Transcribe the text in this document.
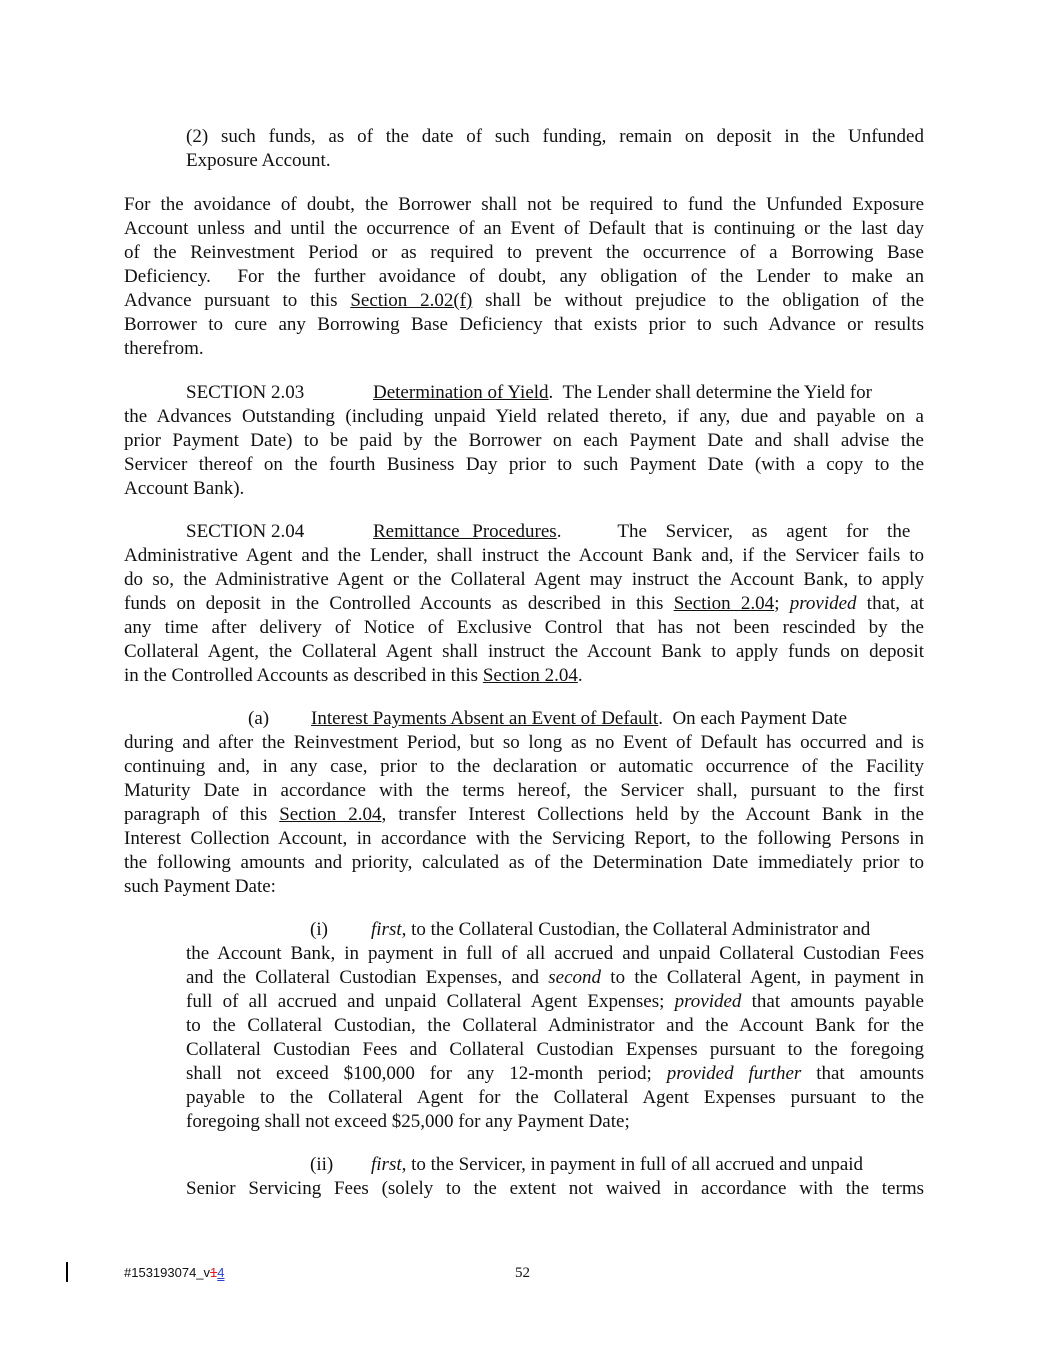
(2) such funds, as of the date of such funding, remain on deposit in the Unfunded
Exposure Account.
For the avoidance of doubt, the Borrower shall not be required to fund the Unfunded Exposure
Account unless and until the occurrence of an Event of Default that is continuing or the last day
of the Reinvestment Period or as required to prevent the occurrence of a Borrowing Base
Deficiency.  For the further avoidance of doubt, any obligation of the Lender to make an
Advance pursuant to this Section 2.02(f) shall be without prejudice to the obligation of the
Borrower to cure any Borrowing Base Deficiency that exists prior to such Advance or results
therefrom.
SECTION 2.03	Determination of Yield.  The Lender shall determine the Yield for
the Advances Outstanding (including unpaid Yield related thereto, if any, due and payable on a
prior Payment Date) to be paid by the Borrower on each Payment Date and shall advise the
Servicer thereof on the fourth Business Day prior to such Payment Date (with a copy to the
Account Bank).
SECTION 2.04	Remittance Procedures.   The Servicer, as agent for the
Administrative Agent and the Lender, shall instruct the Account Bank and, if the Servicer fails to
do so, the Administrative Agent or the Collateral Agent may instruct the Account Bank, to apply
funds on deposit in the Controlled Accounts as described in this Section 2.04; provided that, at
any time after delivery of Notice of Exclusive Control that has not been rescinded by the
Collateral Agent, the Collateral Agent shall instruct the Account Bank to apply funds on deposit
in the Controlled Accounts as described in this Section 2.04.
(a) Interest Payments Absent an Event of Default.  On each Payment Date
during and after the Reinvestment Period, but so long as no Event of Default has occurred and is
continuing and, in any case, prior to the declaration or automatic occurrence of the Facility
Maturity Date in accordance with the terms hereof, the Servicer shall, pursuant to the first
paragraph of this Section 2.04, transfer Interest Collections held by the Account Bank in the
Interest Collection Account, in accordance with the Servicing Report, to the following Persons in
the following amounts and priority, calculated as of the Determination Date immediately prior to
such Payment Date:
(i) first, to the Collateral Custodian, the Collateral Administrator and
the Account Bank, in payment in full of all accrued and unpaid Collateral Custodian Fees
and the Collateral Custodian Expenses, and second to the Collateral Agent, in payment in
full of all accrued and unpaid Collateral Agent Expenses; provided that amounts payable
to the Collateral Custodian, the Collateral Administrator and the Account Bank for the
Collateral Custodian Fees and Collateral Custodian Expenses pursuant to the foregoing
shall not exceed $100,000 for any 12-month period; provided further that amounts
payable to the Collateral Agent for the Collateral Agent Expenses pursuant to the
foregoing shall not exceed $25,000 for any Payment Date;
(ii) first, to the Servicer, in payment in full of all accrued and unpaid
Senior Servicing Fees (solely to the extent not waived in accordance with the terms
#153193074_v14	52
